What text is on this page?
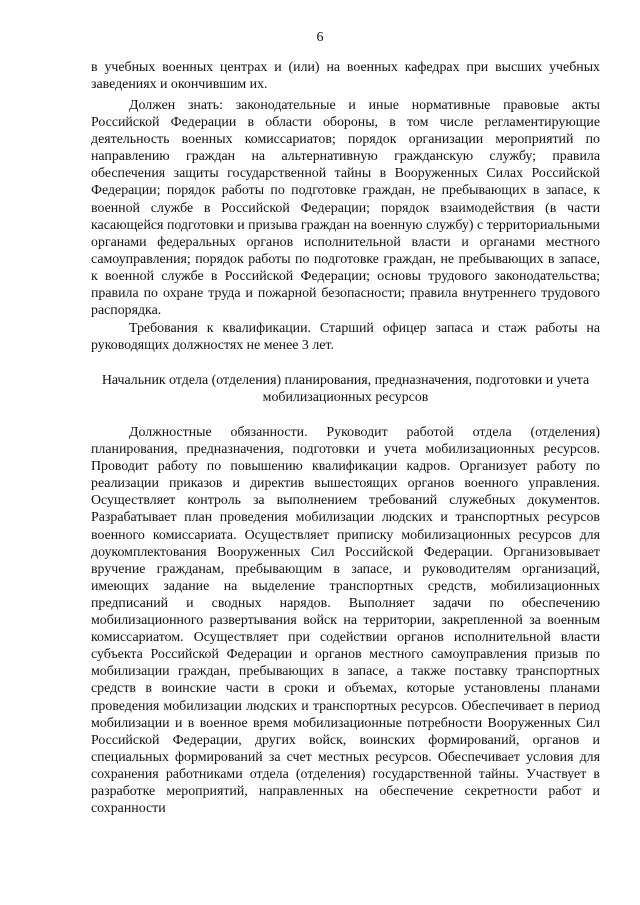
6

в учебных военных центрах и (или) на военных кафедрах при высших учебных заведениях и окончившим их.

Должен знать: законодательные и иные нормативные правовые акты Российской Федерации в области обороны, в том числе регламентирующие деятельность военных комиссариатов; порядок организации мероприятий по направлению граждан на альтернативную гражданскую службу; правила обеспечения защиты государственной тайны в Вооруженных Силах Российской Федерации; порядок работы по подготовке граждан, не пребывающих в запасе, к военной службе в Российской Федерации; порядок взаимодействия (в части касающейся подготовки и призыва граждан на военную службу) с территориальными органами федеральных органов исполнительной власти и органами местного самоуправления; порядок работы по подготовке граждан, не пребывающих в запасе, к военной службе в Российской Федерации; основы трудового законодательства; правила по охране труда и пожарной безопасности; правила внутреннего трудового распорядка.

Требования к квалификации. Старший офицер запаса и стаж работы на руководящих должностях не менее 3 лет.

Начальник отдела (отделения) планирования, предназначения, подготовки и учета мобилизационных ресурсов

Должностные обязанности. Руководит работой отдела (отделения) планирования, предназначения, подготовки и учета мобилизационных ресурсов. Проводит работу по повышению квалификации кадров. Организует работу по реализации приказов и директив вышестоящих органов военного управления. Осуществляет контроль за выполнением требований служебных документов. Разрабатывает план проведения мобилизации людских и транспортных ресурсов военного комиссариата. Осуществляет приписку мобилизационных ресурсов для доукомплектования Вооруженных Сил Российской Федерации. Организовывает вручение гражданам, пребывающим в запасе, и руководителям организаций, имеющих задание на выделение транспортных средств, мобилизационных предписаний и сводных нарядов. Выполняет задачи по обеспечению мобилизационного развертывания войск на территории, закрепленной за военным комиссариатом. Осуществляет при содействии органов исполнительной власти субъекта Российской Федерации и органов местного самоуправления призыв по мобилизации граждан, пребывающих в запасе, а также поставку транспортных средств в воинские части в сроки и объемах, которые установлены планами проведения мобилизации людских и транспортных ресурсов. Обеспечивает в период мобилизации и в военное время мобилизационные потребности Вооруженных Сил Российской Федерации, других войск, воинских формирований, органов и специальных формирований за счет местных ресурсов. Обеспечивает условия для сохранения работниками отдела (отделения) государственной тайны. Участвует в разработке мероприятий, направленных на обеспечение секретности работ и сохранности
